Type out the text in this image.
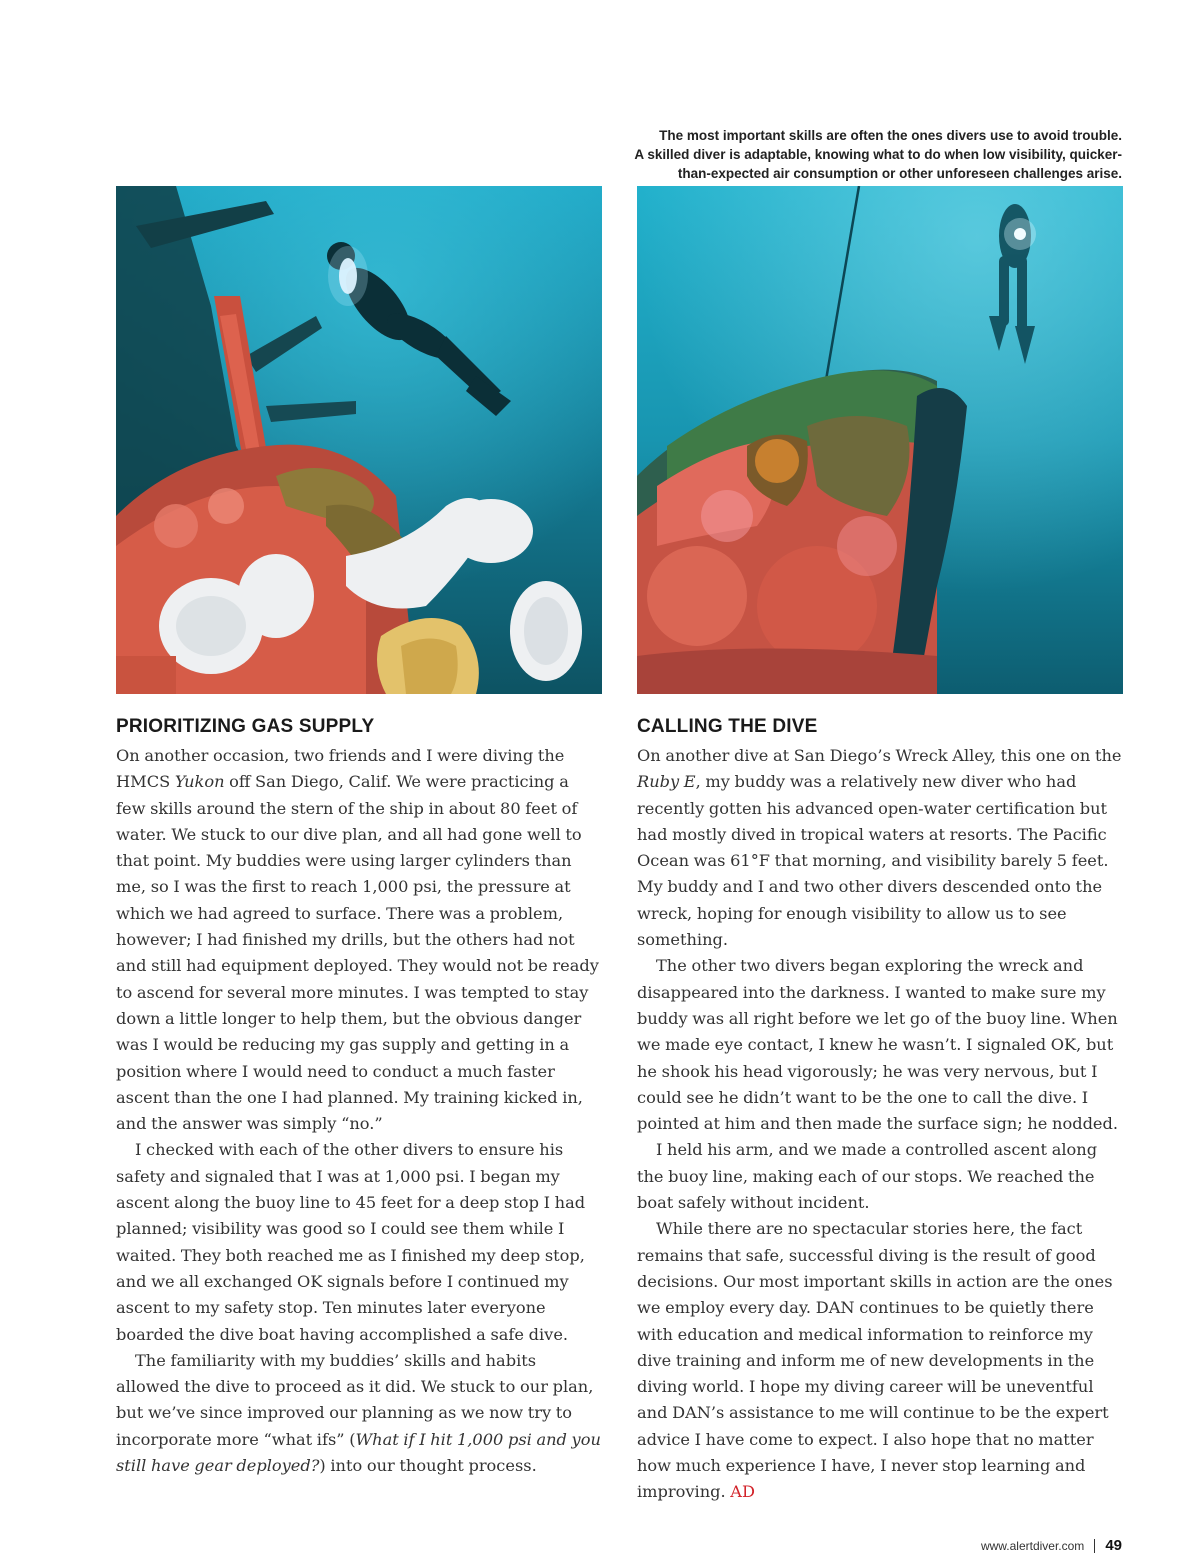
The most important skills are often the ones divers use to avoid trouble.
A skilled diver is adaptable, knowing what to do when low visibility, quicker-
than-expected air consumption or other unforeseen challenges arise.
PRIORITIZING GAS SUPPLY

On another occasion, two friends and I were diving the HMCS Yukon off San Diego, Calif. We were practicing a few skills around the stern of the ship in about 80 feet of water. We stuck to our dive plan, and all had gone well to that point. My buddies were using larger cylinders than me, so I was the first to reach 1,000 psi, the pressure at which we had agreed to surface. There was a problem, however; I had finished my drills, but the others had not and still had equipment deployed. They would not be ready to ascend for several more minutes. I was tempted to stay down a little longer to help them, but the obvious danger was I would be reducing my gas supply and getting in a position where I would need to conduct a much faster ascent than the one I had planned. My training kicked in, and the answer was simply “no.”

I checked with each of the other divers to ensure his safety and signaled that I was at 1,000 psi. I began my ascent along the buoy line to 45 feet for a deep stop I had planned; visibility was good so I could see them while I waited. They both reached me as I finished my deep stop, and we all exchanged OK signals before I continued my ascent to my safety stop. Ten minutes later everyone boarded the dive boat having accomplished a safe dive.

The familiarity with my buddies’ skills and habits allowed the dive to proceed as it did. We stuck to our plan, but we’ve since improved our planning as we now try to incorporate more “what ifs” (What if I hit 1,000 psi and you still have gear deployed?) into our thought process.

CALLING THE DIVE

On another dive at San Diego’s Wreck Alley, this one on the Ruby E, my buddy was a relatively new diver who had recently gotten his advanced open-water certification but had mostly dived in tropical waters at resorts. The Pacific Ocean was 61°F that morning, and visibility barely 5 feet. My buddy and I and two other divers descended onto the wreck, hoping for enough visibility to allow us to see something.

The other two divers began exploring the wreck and disappeared into the darkness. I wanted to make sure my buddy was all right before we let go of the buoy line. When we made eye contact, I knew he wasn’t. I signaled OK, but he shook his head vigorously; he was very nervous, but I could see he didn’t want to be the one to call the dive. I pointed at him and then made the surface sign; he nodded.

I held his arm, and we made a controlled ascent along the buoy line, making each of our stops. We reached the boat safely without incident.

While there are no spectacular stories here, the fact remains that safe, successful diving is the result of good decisions. Our most important skills in action are the ones we employ every day. DAN continues to be quietly there with education and medical information to reinforce my dive training and inform me of new developments in the diving world. I hope my diving career will be uneventful and DAN’s assistance to me will continue to be the expert advice I have come to expect. I also hope that no matter how much experience I have, I never stop learning and improving. AD

www.alertdiver.com 49
